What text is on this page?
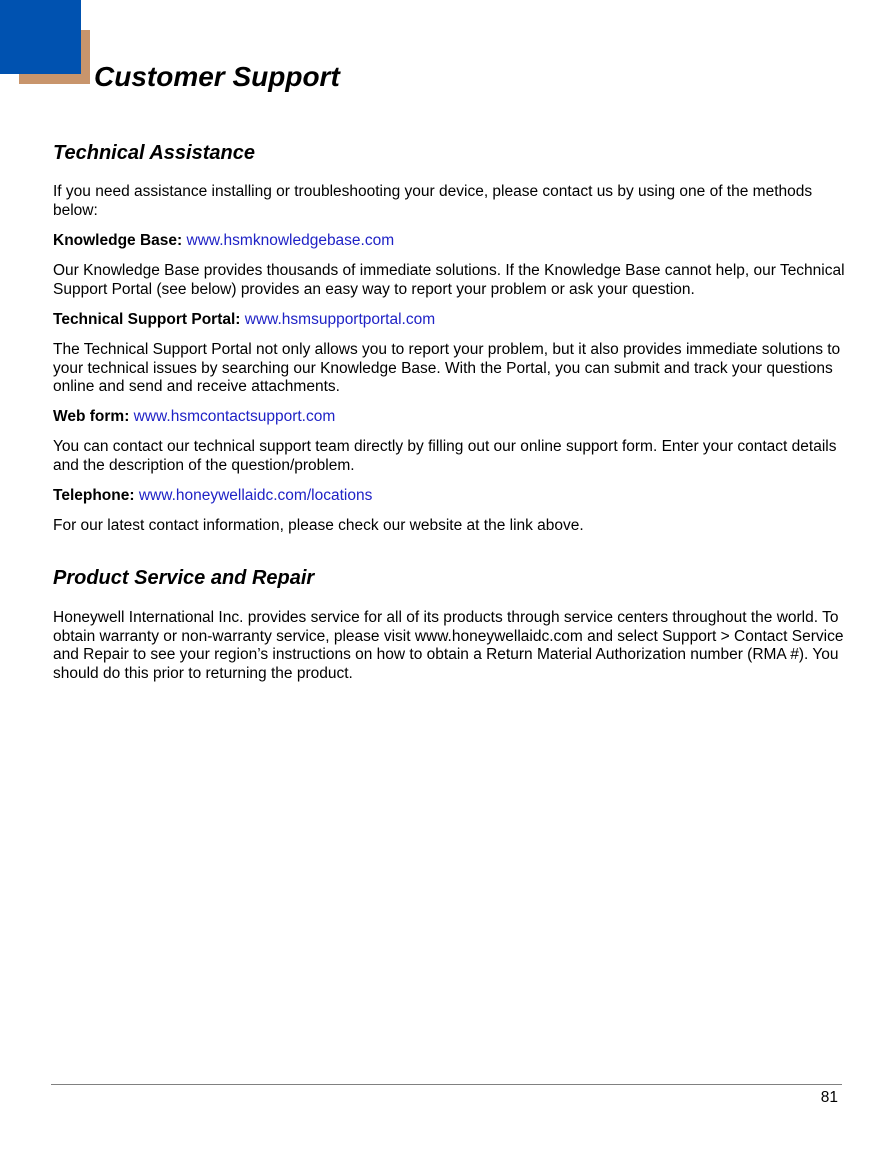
Customer Support
Technical Assistance

If you need assistance installing or troubleshooting your device, please contact us by using one of the methods below:

Knowledge Base: www.hsmknowledgebase.com

Our Knowledge Base provides thousands of immediate solutions. If the Knowledge Base cannot help, our Technical Support Portal (see below) provides an easy way to report your problem or ask your question.

Technical Support Portal: www.hsmsupportportal.com

The Technical Support Portal not only allows you to report your problem, but it also provides immediate solutions to your technical issues by searching our Knowledge Base. With the Portal, you can submit and track your questions online and send and receive attachments.

Web form: www.hsmcontactsupport.com

You can contact our technical support team directly by filling out our online support form. Enter your contact details and the description of the question/problem.

Telephone: www.honeywellaidc.com/locations

For our latest contact information, please check our website at the link above.

Product Service and Repair

Honeywell International Inc. provides service for all of its products through service centers throughout the world. To obtain warranty or non-warranty service, please visit www.honeywellaidc.com and select Support > Contact Service and Repair to see your region’s instructions on how to obtain a Return Material Authorization number (RMA #). You should do this prior to returning the product.

81
